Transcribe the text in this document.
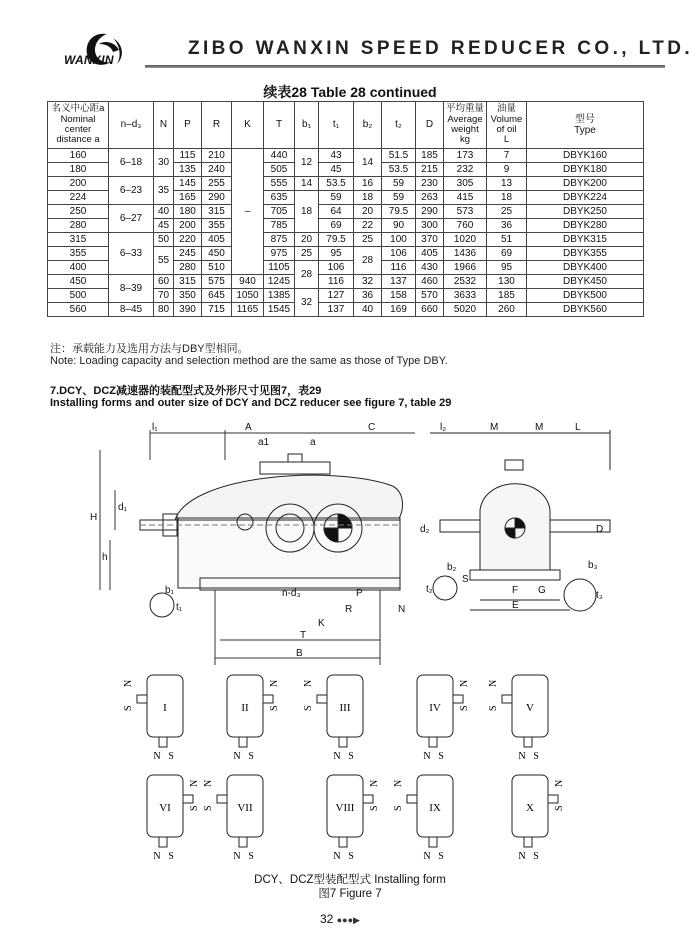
WANXIN
ZIBO WANXIN SPEED REDUCER CO., LTD.
续表28 Table 28 continued
名义中心距a
Nominal
center
distance a	n–d₃	N	P	R	K	T	b₁	t₁	b₂	t₂	D	平均重量
Average
weight
kg	油量
Volume
of oil
L	型号
Type
160	6–18	30	115	210	–	440	12	43	14	51.5	185	173	7	DBYK160
180			135	240		505		45		53.5	215	232	9	DBYK180
200	6–23	35	145	255		555	14	53.5	16	59	230	305	13	DBYK200
224			165	290		635	18	59	18	59	263	415	18	DBYK224
250	6–27	40	180	315		705		64	20	79.5	290	573	25	DBYK250
280		45	200	355		785		69	22	90	300	760	36	DBYK280
315	6–33	50	220	405		875	20	79.5	25	100	370	1020	51	DBYK315
355		55	245	450		975	25	95	28	106	405	1436	69	DBYK355
400			280	510		1105	28	106		116	430	1966	95	DBYK400
450	8–39	60	315	575	940	1245		116	32	137	460	2532	130	DBYK450
500		70	350	645	1050	1385	32	127	36	158	570	3633	185	DBYK500
560	8–45	80	390	715	1165	1545		137	40	169	660	5020	260	DBYK560
注：承载能力及选用方法与DBY型相同。
Note: Loading capacity and selection method are the same as those of Type DBY.
7.DCY、DCZ减速器的装配型式及外形尺寸见图7，表29
Installing forms and outer size of DCY and DCZ reducer see figure 7, table 29
l₁	A	C
a1	a
H
d₁
h
b₁
t₁
n-d₃	P
R	N
K
T
B
l₂	M	M	L
d₂	D
b₂
S
t₂	F G
E
b₃
t₃
I
N S
N
S	II
N S
N
S	III
N S
N
S	IV
N S
N
S	V
N S
N
S
VI
N S
N
S	VII
N S
N
S	VIII
N S
N
S	IX
N S
N
S	X
N S
N
S
DCY、DCZ型装配型式 Installing form
图7 Figure 7
32 ●●●▶
